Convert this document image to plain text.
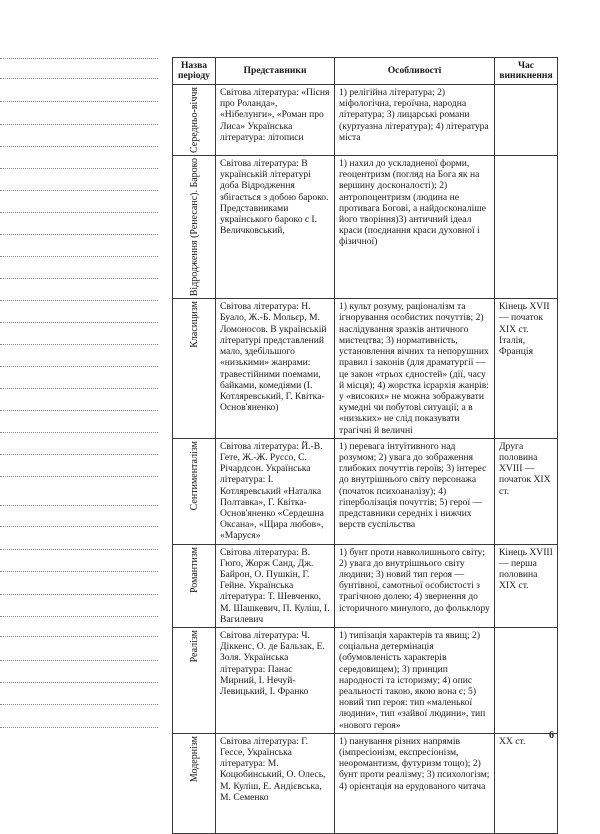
Назва періоду	Представники	Особливості	Час виникнення

Середньо-віччя	Світова література: «Пісня про Роланда», «Нібелунги», «Роман про Лиса» Українська література: літописи	1) релігійна література; 2) міфологічна, героїчна, народна література; 3) лицарські романи (куртуазна література); 4) література міста	

Відродження (Ренесанс). Бароко	Світова література: В українській літературі доба Відродження збігається з добою бароко. Представниками українського бароко є І. Величковський,	1) нахил до ускладненої форми, геоцентризм (погляд на Бога як на вершину досконалості); 2) антропоцентризм (людина не противага Богові, а найдосконаліше його творіння)3) античний ідеал краси (поєднання краси духовної і фізичної)	

Класицизм	Світова література: Н. Буало, Ж.-Б. Мольєр, М. Ломоносов. В українській літературі представлений мало, здебільшого «низькими» жанрами: травестійними поемами, байками, комедіями (І. Котляревський, Г. Квітка-Основ'яненко)	1) культ розуму, раціоналізм та ігнорування особистих почуттів; 2) наслідування зразків античного мистецтва; 3) нормативність, установлення вічних та непорушних правил і законів (для драматургії — це закон «трьох єдностей» (дії, часу й місця); 4) жорстка ієрархія жанрів: у «високих» не можна зображувати кумедні чи побутові ситуації; а в «низьких» не слід показувати трагічні й величні	Кінець XVII — початок XIX ст. Італія, Франція

Сентименталізм	Світова література: Й.-В. Гете, Ж.-Ж. Руссо, С. Річардсон. Українська література: І. Котляревський «Наталка Полтавка», Г. Квітка-Основ'яненко «Сердешна Оксана», «Щира любов», «Маруся»	1) перевага інтуїтивного над розумом; 2) увага до зображення глибоких почуттів героїв; 3) інтерес до внутрішнього світу персонажа (початок психоаналізу); 4) гіперболізація почуттів; 5) герої — представники середніх і нижчих верств суспільства	Друга половина XVIII — початок XIX ст.

Романтизм	Світова література: В. Гюго, Жорж Санд, Дж. Байрон, О. Пушкін, Г. Гейне. Українська література: Т. Шевченко, М. Шашкевич, П. Куліш, І. Вагилевич	1) бунт проти навколишнього світу; 2) увага до внутрішнього світу людини; 3) новий тип героя — бунтівної, самотньої особистості з трагічною долею; 4) звернення до історичного минулого, до фольклору	Кінець XVIII — перша половина XIX ст.

Реалізм	Світова література: Ч. Діккенс, О. де Бальзак, Е. Золя. Українська література: Панас Мирний, І. Нечуй-Левицький, І. Франко	1) типізація характерів та явищ; 2) соціальна детермінація (обумовленість характерів середовищем); 3) принцип народності та історизму; 4) опис реальності такою, якою вона є; 5) новий тип героя: тип «маленької людини», тип «зайвої людини», тип «нового героя»	

Модернізм	Світова література: Г. Гессе, Українська література: М. Коцюбинський, О. Олесь, М. Куліш, Е. Андієвська, М. Семенко	1) панування різних напрямів (імпресіонізм, експресіонізм, неоромантизм, футуризм тощо); 2) бунт проти реалізму; 3) психологізм; 4) орієнтація на ерудованого читача	XX ст.
6
